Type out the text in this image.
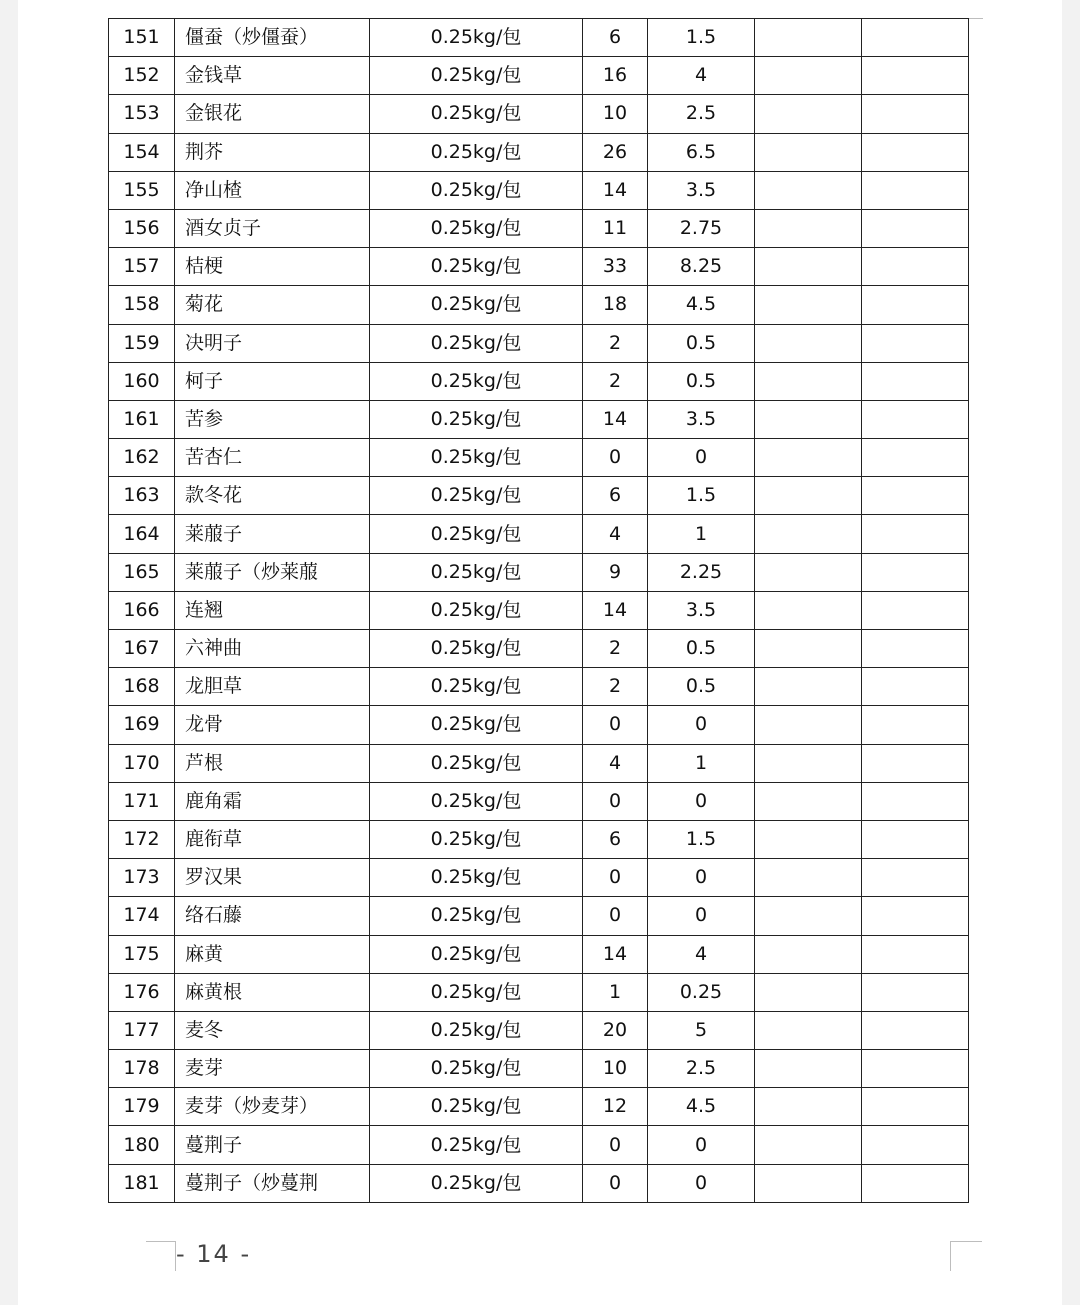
151	僵蚕（炒僵蚕）	0.25kg/包	6	1.5		
152	金钱草	0.25kg/包	16	4		
153	金银花	0.25kg/包	10	2.5		
154	荆芥	0.25kg/包	26	6.5		
155	净山楂	0.25kg/包	14	3.5		
156	酒女贞子	0.25kg/包	11	2.75		
157	桔梗	0.25kg/包	33	8.25		
158	菊花	0.25kg/包	18	4.5		
159	决明子	0.25kg/包	2	0.5		
160	柯子	0.25kg/包	2	0.5		
161	苦参	0.25kg/包	14	3.5		
162	苦杏仁	0.25kg/包	0	0		
163	款冬花	0.25kg/包	6	1.5		
164	莱菔子	0.25kg/包	4	1		
165	莱菔子（炒莱菔	0.25kg/包	9	2.25		
166	连翘	0.25kg/包	14	3.5		
167	六神曲	0.25kg/包	2	0.5		
168	龙胆草	0.25kg/包	2	0.5		
169	龙骨	0.25kg/包	0	0		
170	芦根	0.25kg/包	4	1		
171	鹿角霜	0.25kg/包	0	0		
172	鹿衔草	0.25kg/包	6	1.5		
173	罗汉果	0.25kg/包	0	0		
174	络石藤	0.25kg/包	0	0		
175	麻黄	0.25kg/包	14	4		
176	麻黄根	0.25kg/包	1	0.25		
177	麦冬	0.25kg/包	20	5		
178	麦芽	0.25kg/包	10	2.5		
179	麦芽（炒麦芽）	0.25kg/包	12	4.5		
180	蔓荆子	0.25kg/包	0	0		
181	蔓荆子（炒蔓荆	0.25kg/包	0	0		
- 14 -
